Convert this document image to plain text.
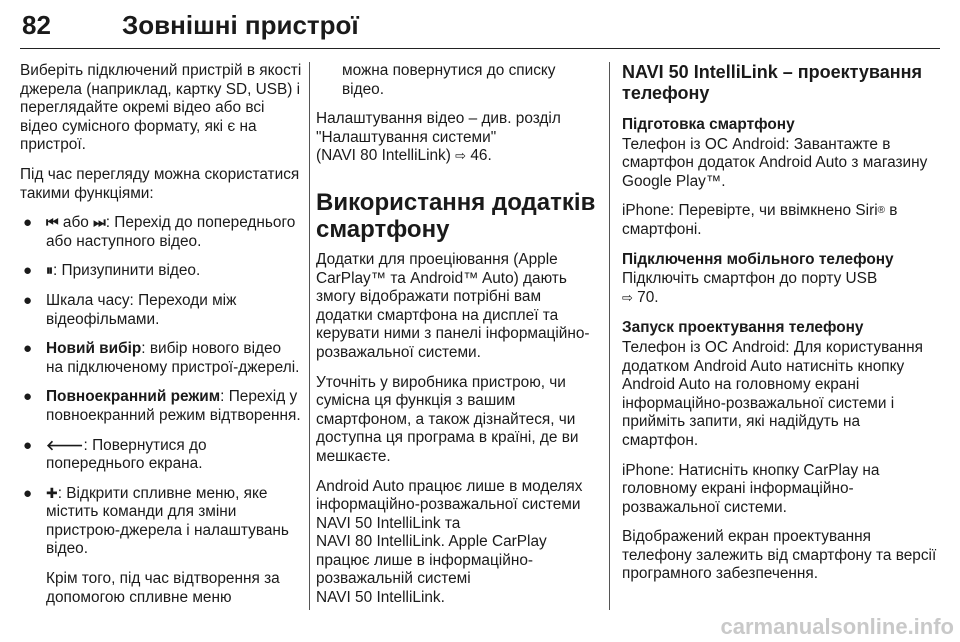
82	Зовнішні пристрої

Виберіть підключений пристрій в якості джерела (наприклад, картку SD, USB) і переглядайте окремі відео або всі відео сумісного формату, які є на пристрої.

Під час перегляду можна скористатися такими функціями:

● ⏮ або ⏭: Перехід до попереднього або наступного відео.
● ⏸: Призупинити відео.
● Шкала часу: Переходи між відеофільмами.
● Новий вибір: вибір нового відео на підключеному пристрої-джерелі.
● Повноекранний режим: Перехід у повноекранний режим відтворення.
● 🡐: Повернутися до попереднього екрана.
● ✚: Відкрити спливне меню, яке містить команди для зміни пристрою-джерела і налаштувань відео.

Крім того, під час відтворення за допомогою спливне меню

можна повернутися до списку відео.

Налаштування відео – див. розділ "Налаштування системи"
(NAVI 80 IntelliLink) ⇨ 46.

Використання додатків смартфону

Додатки для проеціювання (Apple CarPlay™ та Android™ Auto) дають змогу відображати потрібні вам додатки смартфона на дисплеї та керувати ними з панелі інформаційно-розважальної системи.

Уточніть у виробника пристрою, чи сумісна ця функція з вашим смартфоном, а також дізнайтеся, чи доступна ця програма в країні, де ви мешкаєте.

Android Auto працює лише в моделях інформаційно-розважальної системи
NAVI 50 IntelliLink та
NAVI 80 IntelliLink. Apple CarPlay працює лише в інформаційно-розважальній системі
NAVI 50 IntelliLink.

NAVI 50 IntelliLink – проектування телефону
Підготовка смартфону

Телефон із ОС Android: Завантажте в смартфон додаток Android Auto з магазину Google Play™.

iPhone: Перевірте, чи ввімкнено Siri® в смартфоні.

Підключення мобільного телефону

Підключіть смартфон до порту USB
⇨ 70.

Запуск проектування телефону

Телефон із ОС Android: Для користування додатком Android Auto натисніть кнопку Android Auto на головному екрані інформаційно-розважальної системи і прийміть запити, які надійдуть на смартфон.

iPhone: Натисніть кнопку CarPlay на головному екрані інформаційно-розважальної системи.

Відображений екран проектування телефону залежить від смартфону та версії програмного забезпечення.

carmanualsonline.info
